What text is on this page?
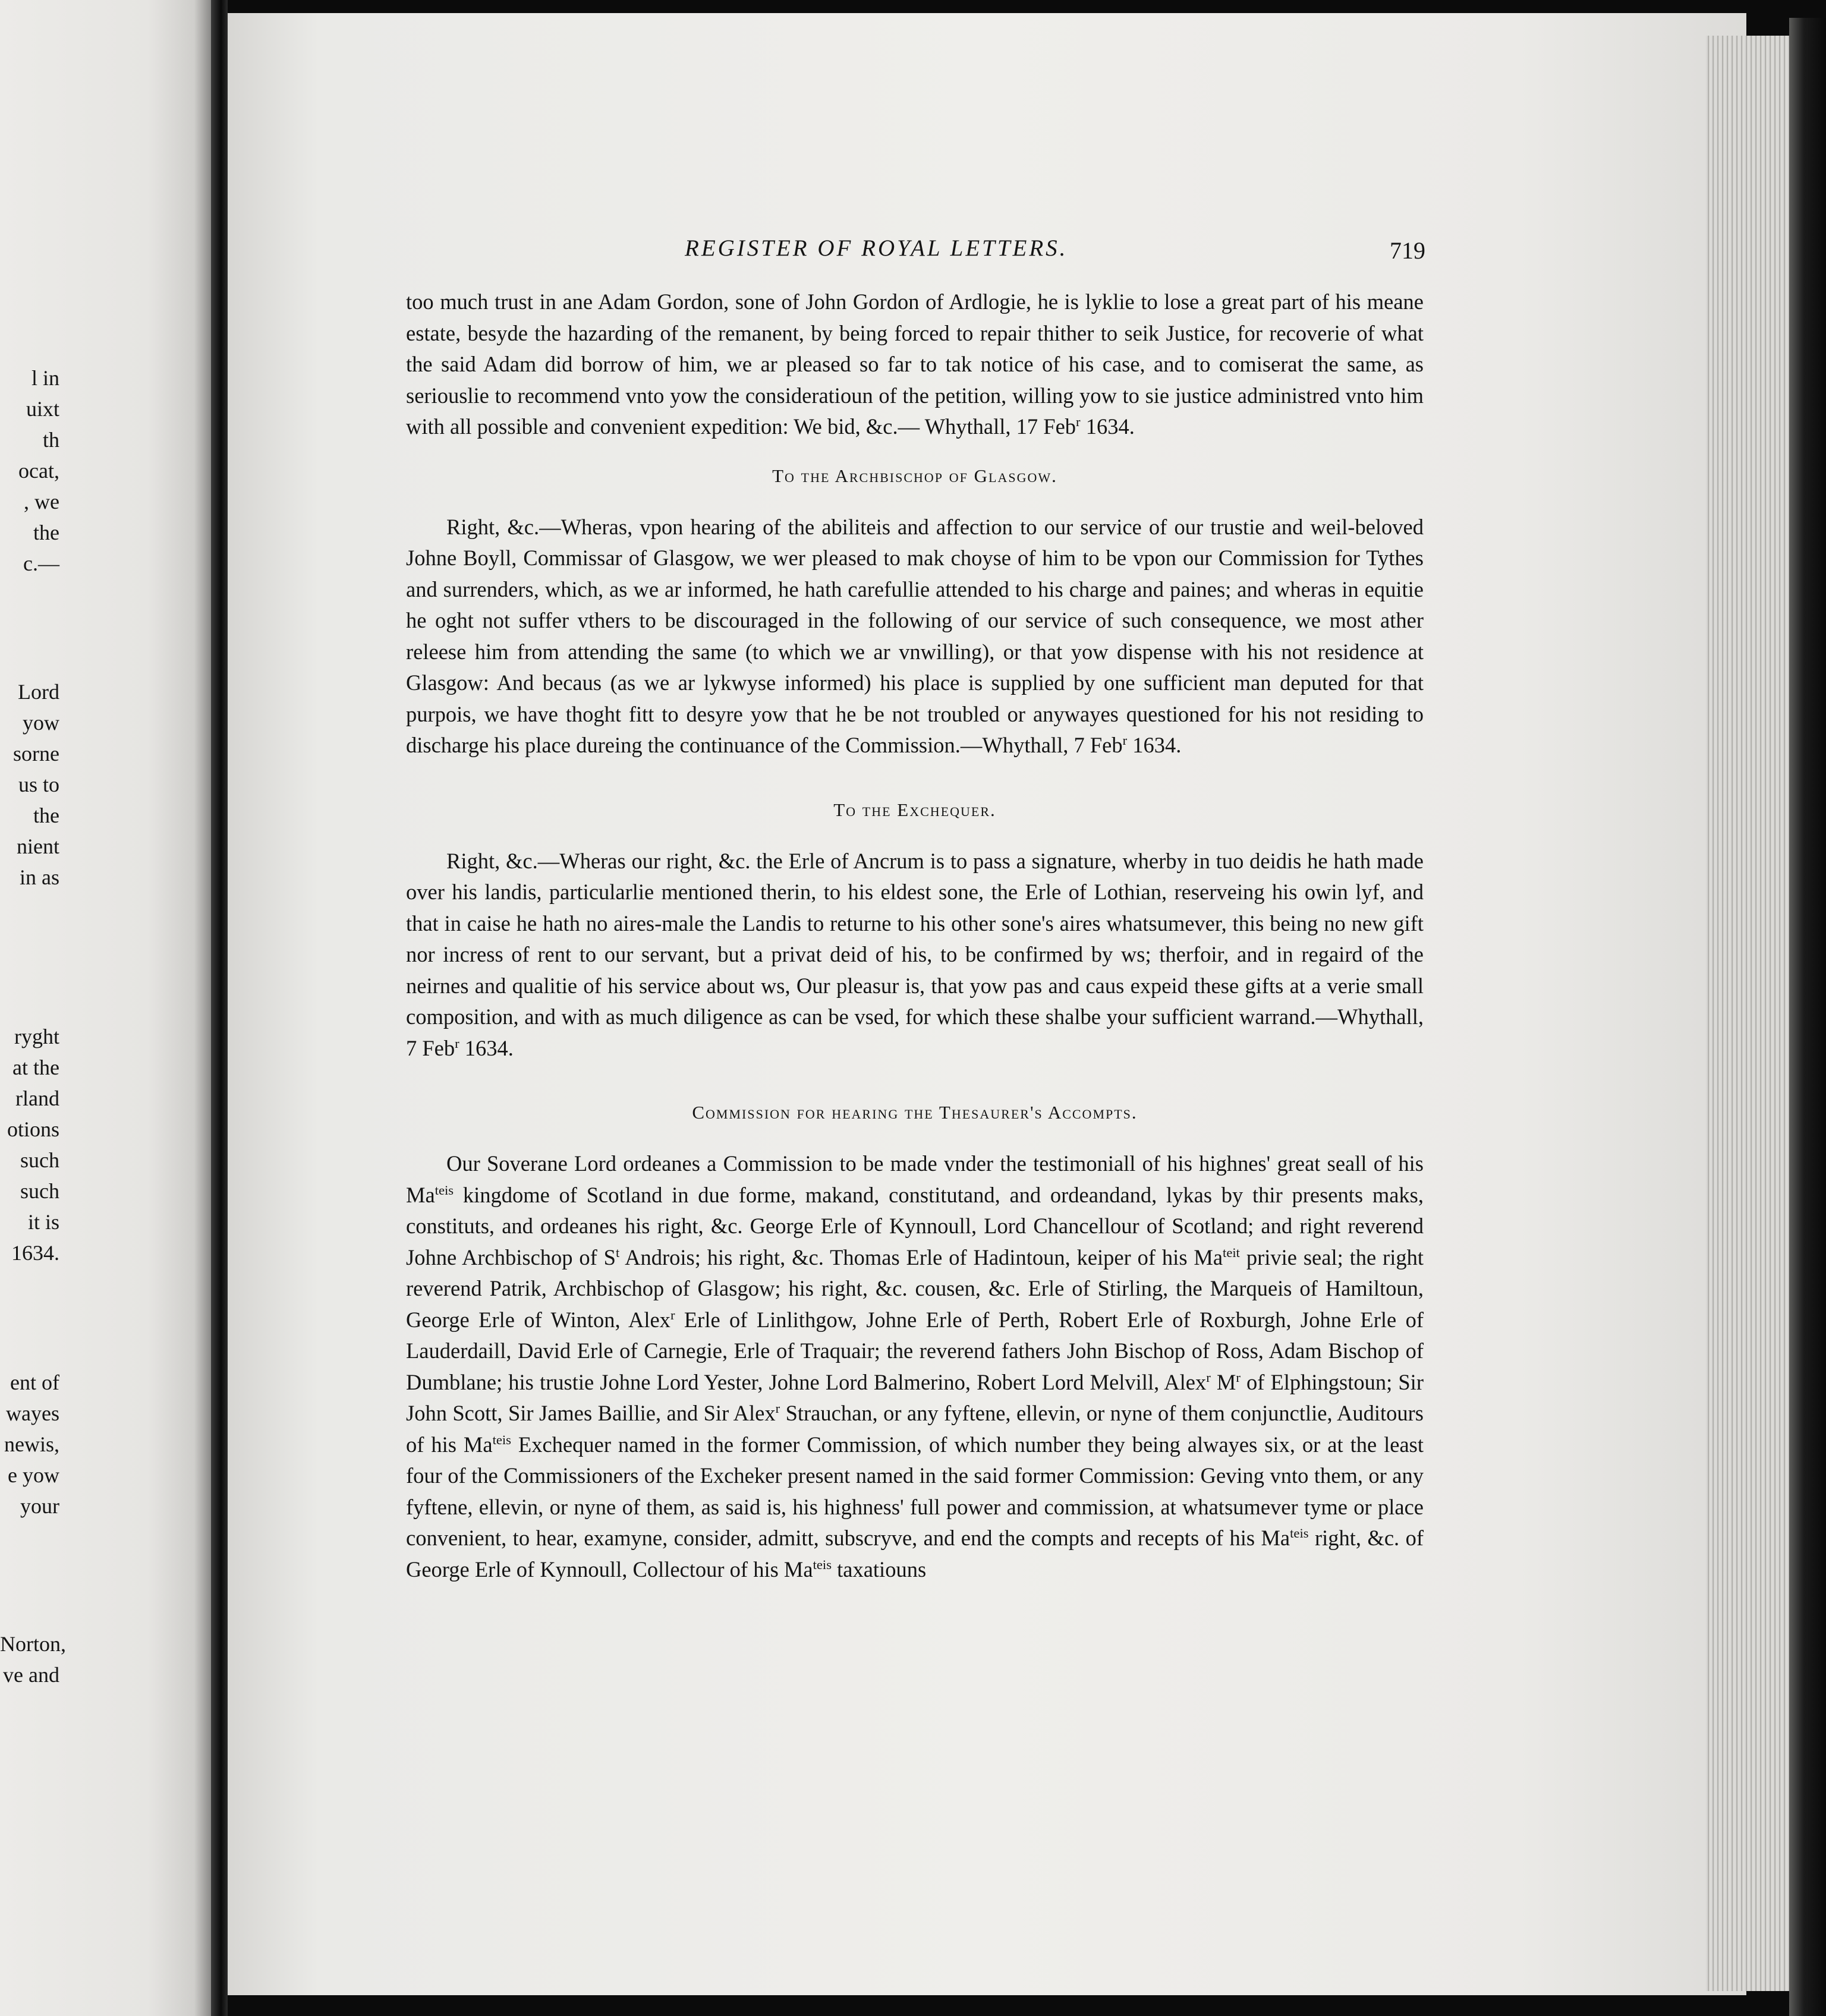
l in
uixt
th
ocat,
, we
the
c.—
Lord
yow
sorne
us to
the
nient
in as
ryght
at the
rland
otions
such
such
it is
1634.
ent of
wayes
newis,
e yow
your
Norton,
ve and
REGISTER OF ROYAL LETTERS.	719

too much trust in ane Adam Gordon, sone of John Gordon of Ardlogie, he is lyklie to lose a great part of his meane estate, besyde the hazarding of the remanent, by being forced to repair thither to seik Justice, for recoverie of what the said Adam did borrow of him, we ar pleased so far to tak notice of his case, and to comiserat the same, as seriouslie to recommend vnto yow the consideratioun of the petition, willing yow to sie justice administred vnto him with all possible and convenient expedition: We bid, &c.— Whythall, 17 Feb$^r$ 1634.

To the Archbischop of Glasgow.

Right, &c.—Wheras, vpon hearing of the abiliteis and affection to our service of our trustie and weil-beloved Johne Boyll, Commissar of Glasgow, we wer pleased to mak choyse of him to be vpon our Commission for Tythes and surrenders, which, as we ar informed, he hath carefullie attended to his charge and paines; and wheras in equitie he oght not suffer vthers to be discouraged in the following of our service of such consequence, we most ather releese him from attending the same (to which we ar vnwilling), or that yow dispense with his not residence at Glasgow: And becaus (as we ar lykwyse informed) his place is supplied by one sufficient man deputed for that purpois, we have thoght fitt to desyre yow that he be not troubled or anywayes questioned for his not residing to discharge his place dureing the continuance of the Commission.—Whythall, 7 Feb$^r$ 1634.

To the Exchequer.

Right, &c.—Wheras our right, &c. the Erle of Ancrum is to pass a signature, wherby in tuo deidis he hath made over his landis, particularlie mentioned therin, to his eldest sone, the Erle of Lothian, reserveing his owin lyf, and that in caise he hath no aires-male the Landis to returne to his other sone's aires whatsumever, this being no new gift nor incress of rent to our servant, but a privat deid of his, to be confirmed by ws; therfoir, and in regaird of the neirnes and qualitie of his service about ws, Our pleasur is, that yow pas and caus expeid these gifts at a verie small composition, and with as much diligence as can be vsed, for which these shalbe your sufficient warrand.—Whythall, 7 Feb$^r$ 1634.

Commission for hearing the Thesaurer's Accompts.

Our Soverane Lord ordeanes a Commission to be made vnder the testimoniall of his highnes' great seall of his $Ma^{teis}$ kingdome of Scotland in due forme, makand, constitutand, and ordeandand, lykas by thir presents maks, constituts, and ordeanes his right, &c. George Erle of Kynnoull, Lord Chancellour of Scotland; and right reverend Johne Archbischop of $S^t$ Androis; his right, &c. Thomas Erle of Hadintoun, keiper of his $Ma^{teit}$ privie seal; the right reverend Patrik, Archbischop of Glasgow; his right, &c. cousen, &c. Erle of Stirling, the Marqueis of Hamiltoun, George Erle of Winton, Alex$^r$ Erle of Linlithgow, Johne Erle of Perth, Robert Erle of Roxburgh, Johne Erle of Lauderdaill, David Erle of Carnegie, Erle of Traquair; the reverend fathers John Bischop of Ross, Adam Bischop of Dumblane; his trustie Johne Lord Yester, Johne Lord Balmerino, Robert Lord Melvill, Alex$^r$ $M^r$ of Elphingstoun; Sir John Scott, Sir James Baillie, and Sir Alex$^r$ Strauchan, or any fyftene, ellevin, or nyne of them conjunctlie, Auditours of his $Ma^{teis}$ Exchequer named in the former Commission, of which number they being alwayes six, or at the least four of the Commissioners of the Excheker present named in the said former Commission: Geving vnto them, or any fyftene, ellevin, or nyne of them, as said is, his highness' full power and commission, at whatsumever tyme or place convenient, to hear, examyne, consider, admitt, subscryve, and end the compts and recepts of his $Ma^{teis}$ right, &c. of George Erle of Kynnoull, Collectour of his $Ma^{teis}$ taxatiouns
